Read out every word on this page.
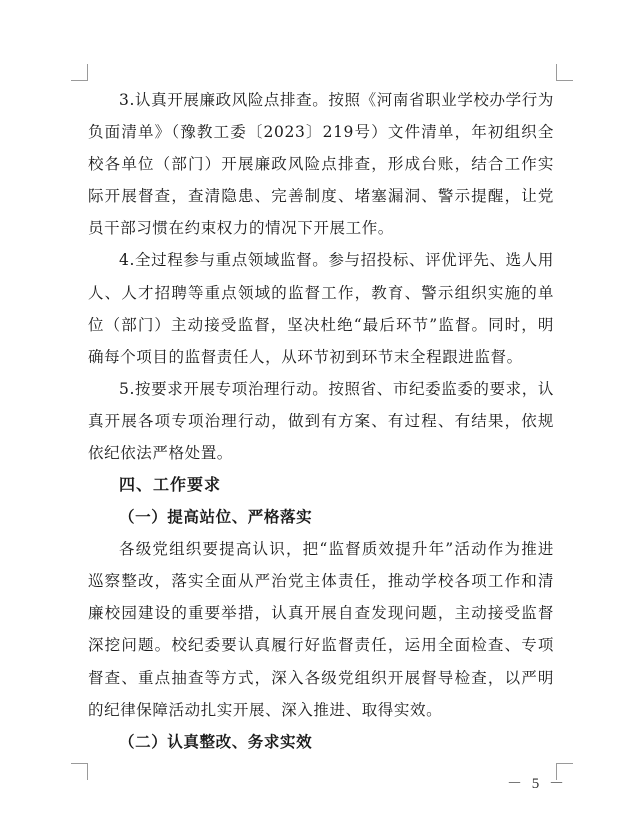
3.认真开展廉政风险点排查。按照《河南省职业学校办学行为负面清单》（豫教工委〔2023〕219号）文件清单，年初组织全校各单位（部门）开展廉政风险点排查，形成台账，结合工作实际开展督查，查清隐患、完善制度、堵塞漏洞、警示提醒，让党员干部习惯在约束权力的情况下开展工作。

4.全过程参与重点领域监督。参与招投标、评优评先、选人用人、人才招聘等重点领域的监督工作，教育、警示组织实施的单位（部门）主动接受监督，坚决杜绝“最后环节”监督。同时，明确每个项目的监督责任人，从环节初到环节末全程跟进监督。

5.按要求开展专项治理行动。按照省、市纪委监委的要求，认真开展各项专项治理行动，做到有方案、有过程、有结果，依规依纪依法严格处置。

四、工作要求

（一）提高站位、严格落实

各级党组织要提高认识，把“监督质效提升年”活动作为推进巡察整改，落实全面从严治党主体责任，推动学校各项工作和清廉校园建设的重要举措，认真开展自查发现问题，主动接受监督深挖问题。校纪委要认真履行好监督责任，运用全面检查、专项督查、重点抽查等方式，深入各级党组织开展督导检查，以严明的纪律保障活动扎实开展、深入推进、取得实效。

（二）认真整改、务求实效

－ 5 －
